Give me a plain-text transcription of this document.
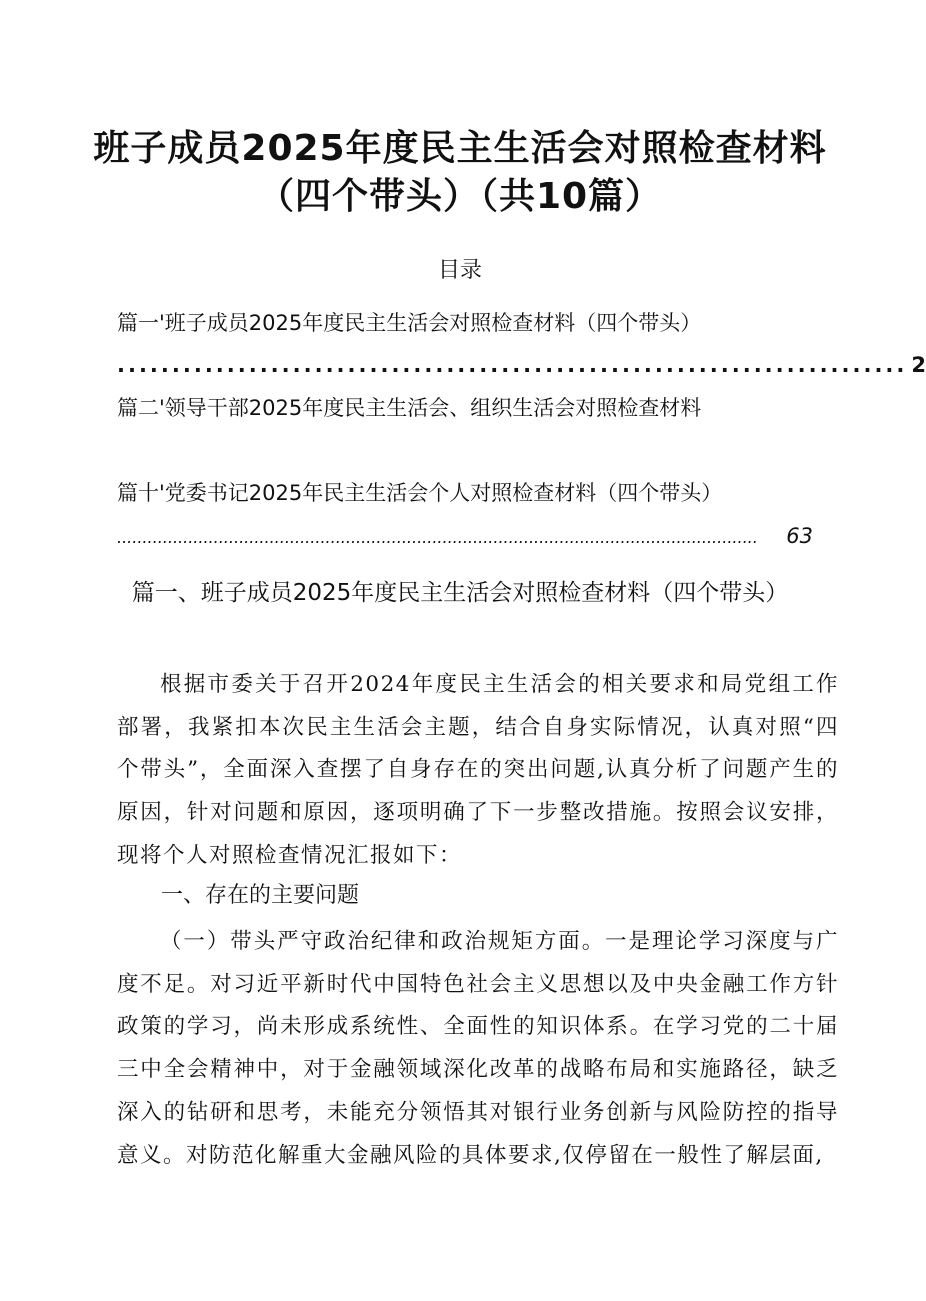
班子成员2025年度民主生活会对照检查材料
（四个带头）（共10篇）
目录
篇一'班子成员2025年度民主生活会对照检查材料（四个带头）
........................................................................ 2
篇二'领导干部2025年度民主生活会、组织生活会对照检查材料
篇十'党委书记2025年民主生活会个人对照检查材料（四个带头）
..............................................................................................................................	63
篇一、班子成员2025年度民主生活会对照检查材料（四个带头）

根据市委关于召开2024年度民主生活会的相关要求和局党组工作部署，我紧扣本次民主生活会主题，结合自身实际情况，认真对照“四个带头”，全面深入查摆了自身存在的突出问题,认真分析了问题产生的原因，针对问题和原因，逐项明确了下一步整改措施。按照会议安排，现将个人对照检查情况汇报如下：

一、存在的主要问题

（一）带头严守政治纪律和政治规矩方面。一是理论学习深度与广度不足。对习近平新时代中国特色社会主义思想以及中央金融工作方针政策的学习，尚未形成系统性、全面性的知识体系。在学习党的二十届三中全会精神中，对于金融领域深化改革的战略布局和实施路径，缺乏深入的钻研和思考，未能充分领悟其对银行业务创新与风险防控的指导意义。对防范化解重大金融风险的具体要求,仅停留在一般性了解层面,
